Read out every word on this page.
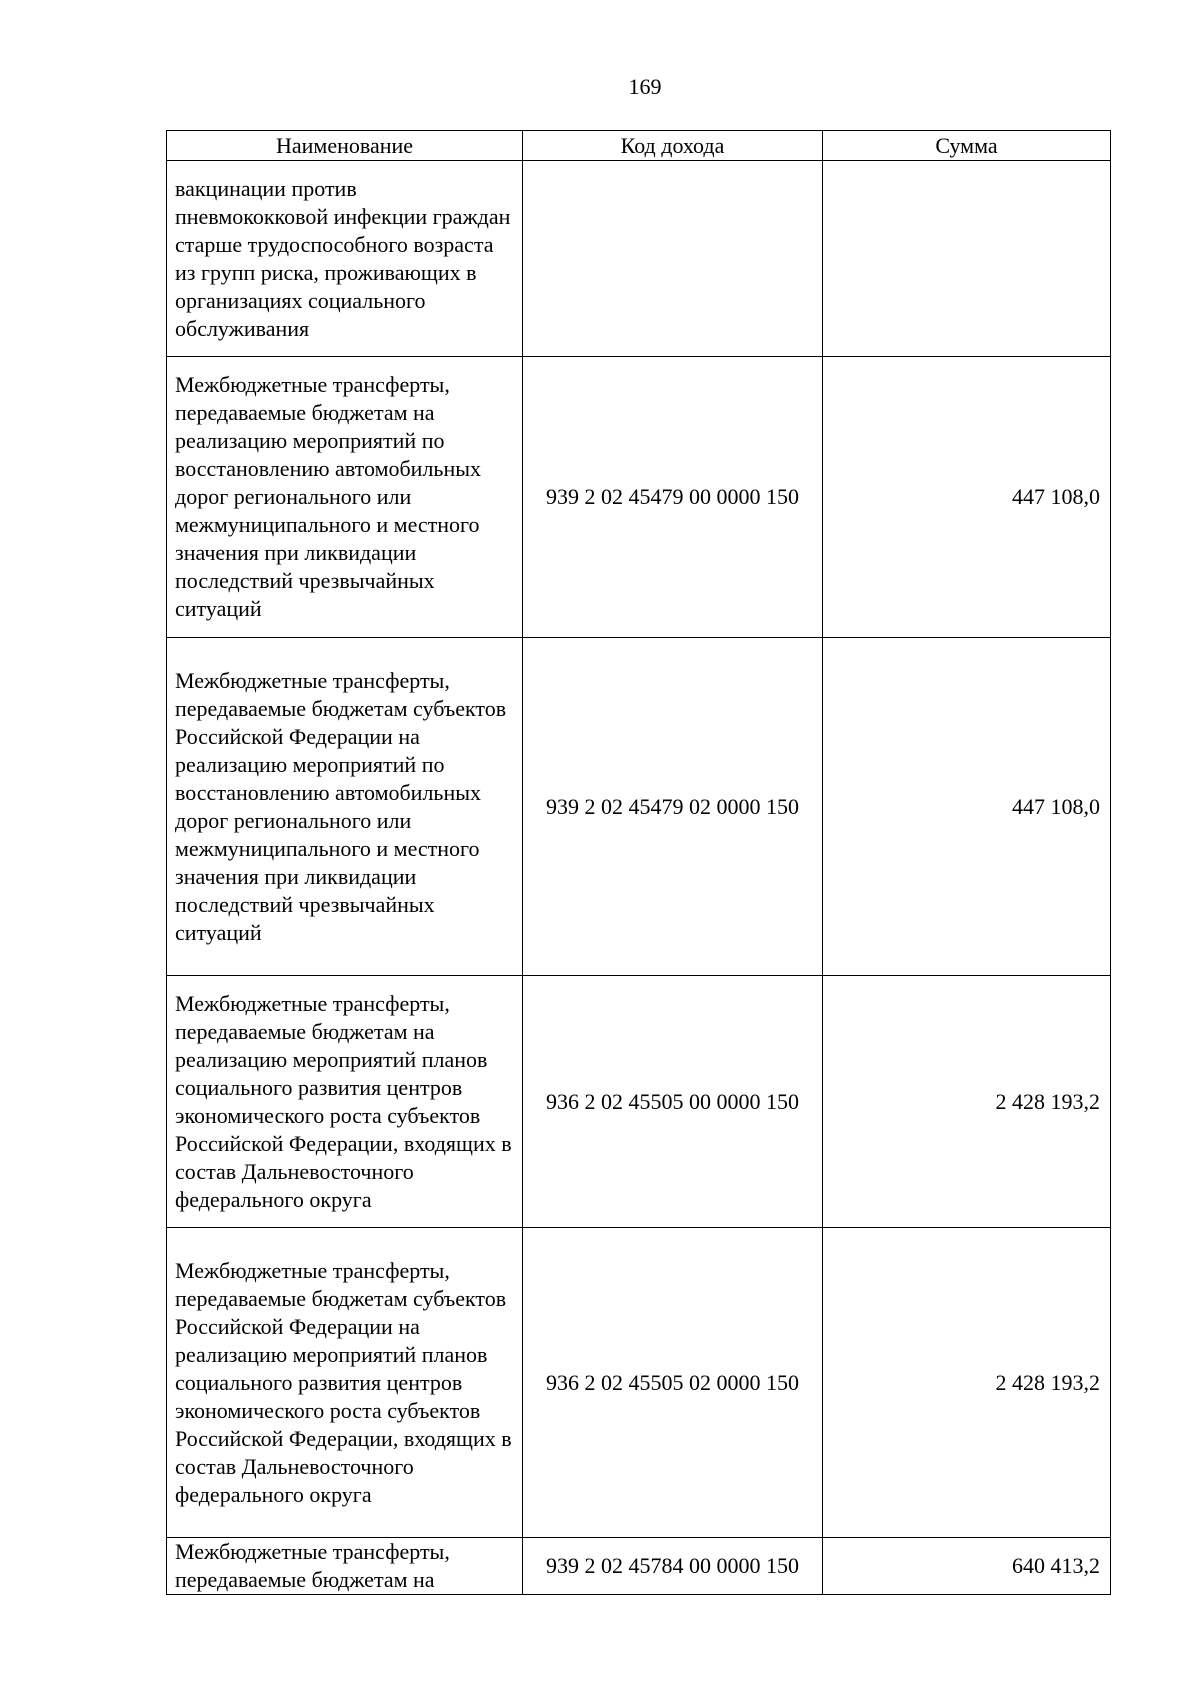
169
Наименование	Код дохода	Сумма
вакцинации против пневмококковой инфекции граждан старше трудоспособного возраста из групп риска, проживающих в организациях социального обслуживания		
Межбюджетные трансферты, передаваемые бюджетам на реализацию мероприятий по восстановлению автомобильных дорог регионального или межмуниципального и местного значения при ликвидации последствий чрезвычайных ситуаций	939 2 02 45479 00 0000 150	447 108,0
Межбюджетные трансферты, передаваемые бюджетам субъектов Российской Федерации на реализацию мероприятий по восстановлению автомобильных дорог регионального или межмуниципального и местного значения при ликвидации последствий чрезвычайных ситуаций	939 2 02 45479 02 0000 150	447 108,0
Межбюджетные трансферты, передаваемые бюджетам на реализацию мероприятий планов социального развития центров экономического роста субъектов Российской Федерации, входящих в состав Дальневосточного федерального округа	936 2 02 45505 00 0000 150	2 428 193,2
Межбюджетные трансферты, передаваемые бюджетам субъектов Российской Федерации на реализацию мероприятий планов социального развития центров экономического роста субъектов Российской Федерации, входящих в состав Дальневосточного федерального округа	936 2 02 45505 02 0000 150	2 428 193,2
Межбюджетные трансферты, передаваемые бюджетам на	939 2 02 45784 00 0000 150	640 413,2
